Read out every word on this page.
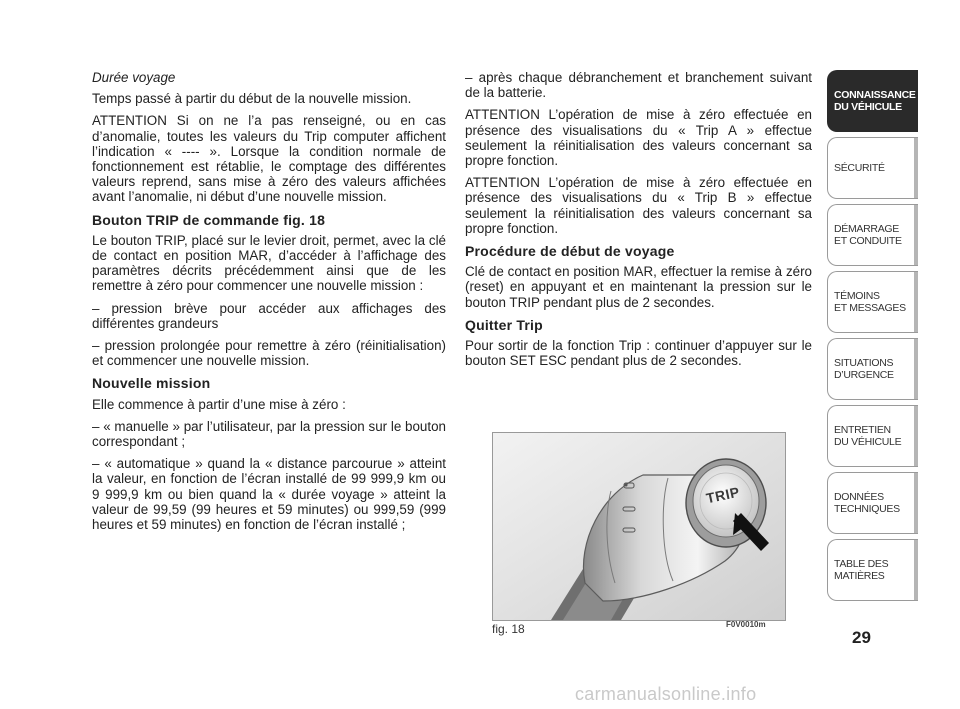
Durée voyage

Temps passé à partir du début de la nouvelle mission.

ATTENTION Si on ne l’a pas renseigné, ou en cas d’anomalie, toutes les valeurs du Trip computer affichent l’indication « ---- ». Lorsque la condition normale de fonctionnement est rétablie, le comptage des différentes valeurs reprend, sans mise à zéro des valeurs affichées avant l’anomalie, ni début d’une nouvelle mission.

Bouton TRIP de commande fig. 18

Le bouton TRIP, placé sur le levier droit, permet, avec la clé de contact en position MAR, d’accéder à l’affichage des paramètres décrits précédemment ainsi que de les remettre à zéro pour commencer une nouvelle mission :

– pression brève pour accéder aux affichages des différentes grandeurs

– pression prolongée pour remettre à zéro (réinitialisation) et commencer une nouvelle mission.

Nouvelle mission

Elle commence à partir d’une mise à zéro :

– « manuelle » par l’utilisateur, par la pression sur le bouton correspondant ;

– « automatique » quand la « distance parcourue » atteint la valeur, en fonction de l’écran installé de 99 999,9 km ou 9 999,9 km ou bien quand la « durée voyage » atteint la valeur de 99,59 (99 heures et 59 minutes) ou 999,59 (999 heures et 59 minutes) en fonction de l’écran installé ;

– après chaque débranchement et branchement suivant de la batterie.

ATTENTION L’opération de mise à zéro effectuée en présence des visualisations du « Trip A » effectue seulement la réinitialisation des valeurs concernant sa propre fonction.

ATTENTION L’opération de mise à zéro effectuée en présence des visualisations du « Trip B » effectue seulement la réinitialisation des valeurs concernant sa propre fonction.

Procédure de début de voyage

Clé de contact en position MAR, effectuer la remise à zéro (reset) en appuyant et en maintenant la pression sur le bouton TRIP pendant plus de 2 secondes.

Quitter Trip

Pour sortir de la fonction Trip : continuer d’appuyer sur le bouton SET ESC pendant plus de 2 secondes.

TRIP
fig. 18	F0V0010m
CONNAISSANCE
DU VÉHICULE
SÉCURITÉ
DÉMARRAGE
ET CONDUITE
TÉMOINS
ET MESSAGES
SITUATIONS
D’URGENCE
ENTRETIEN
DU VÉHICULE
DONNÉES
TECHNIQUES
TABLE DES
MATIÈRES
29
carmanualsonline.info
